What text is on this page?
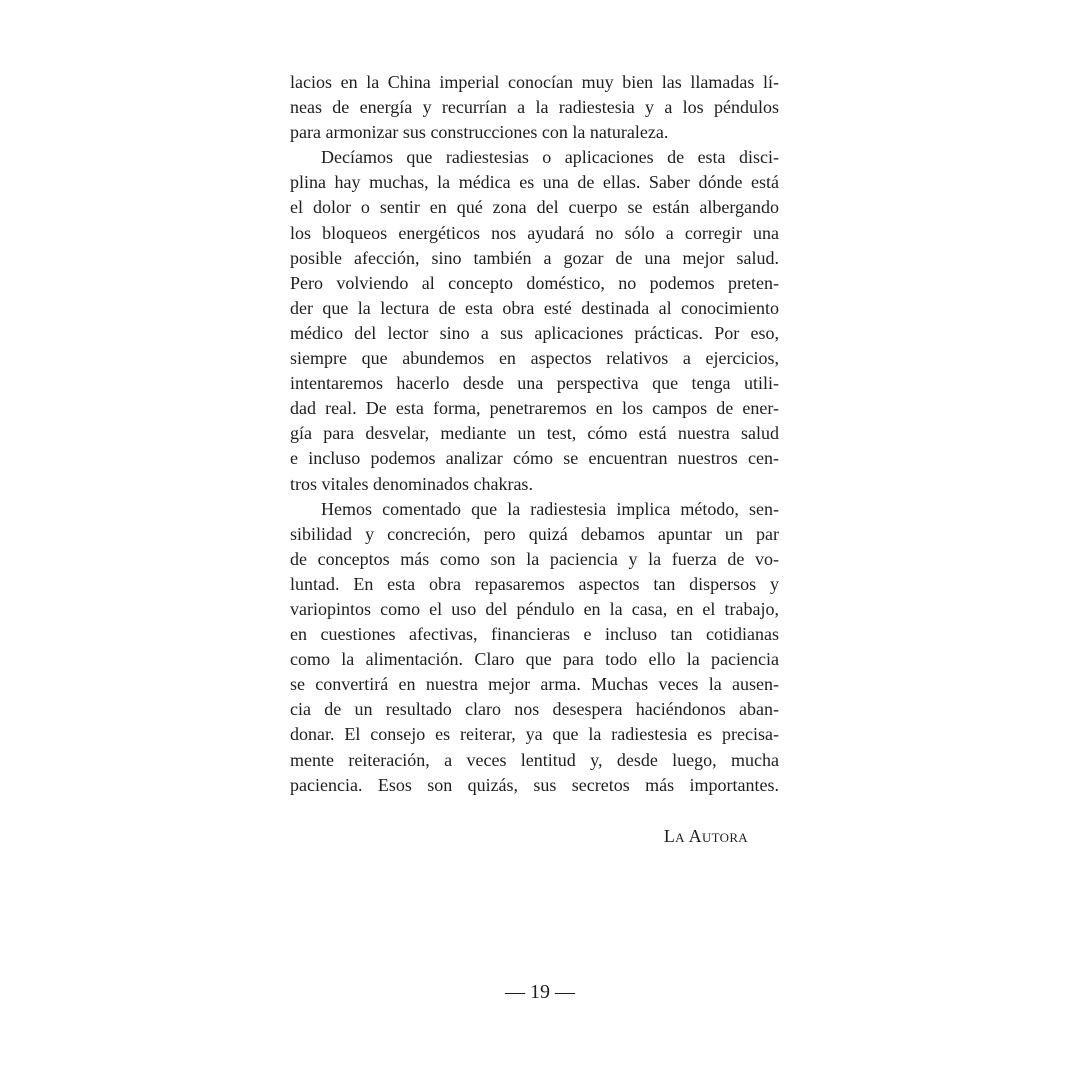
lacios en la China imperial conocían muy bien las llamadas lí-
neas de energía y recurrían a la radiestesia y a los péndulos
para armonizar sus construcciones con la naturaleza.
Decíamos que radiestesias o aplicaciones de esta disci-
plina hay muchas, la médica es una de ellas. Saber dónde está
el dolor o sentir en qué zona del cuerpo se están albergando
los bloqueos energéticos nos ayudará no sólo a corregir una
posible afección, sino también a gozar de una mejor salud.
Pero volviendo al concepto doméstico, no podemos preten-
der que la lectura de esta obra esté destinada al conocimiento
médico del lector sino a sus aplicaciones prácticas. Por eso,
siempre que abundemos en aspectos relativos a ejercicios,
intentaremos hacerlo desde una perspectiva que tenga utili-
dad real. De esta forma, penetraremos en los campos de ener-
gía para desvelar, mediante un test, cómo está nuestra salud
e incluso podemos analizar cómo se encuentran nuestros cen-
tros vitales denominados chakras.
Hemos comentado que la radiestesia implica método, sen-
sibilidad y concreción, pero quizá debamos apuntar un par
de conceptos más como son la paciencia y la fuerza de vo-
luntad. En esta obra repasaremos aspectos tan dispersos y
variopintos como el uso del péndulo en la casa, en el trabajo,
en cuestiones afectivas, financieras e incluso tan cotidianas
como la alimentación. Claro que para todo ello la paciencia
se convertirá en nuestra mejor arma. Muchas veces la ausen-
cia de un resultado claro nos desespera haciéndonos aban-
donar. El consejo es reiterar, ya que la radiestesia es precisa-
mente reiteración, a veces lentitud y, desde luego, mucha
paciencia. Esos son quizás, sus secretos más importantes.
La Autora
— 19 —
